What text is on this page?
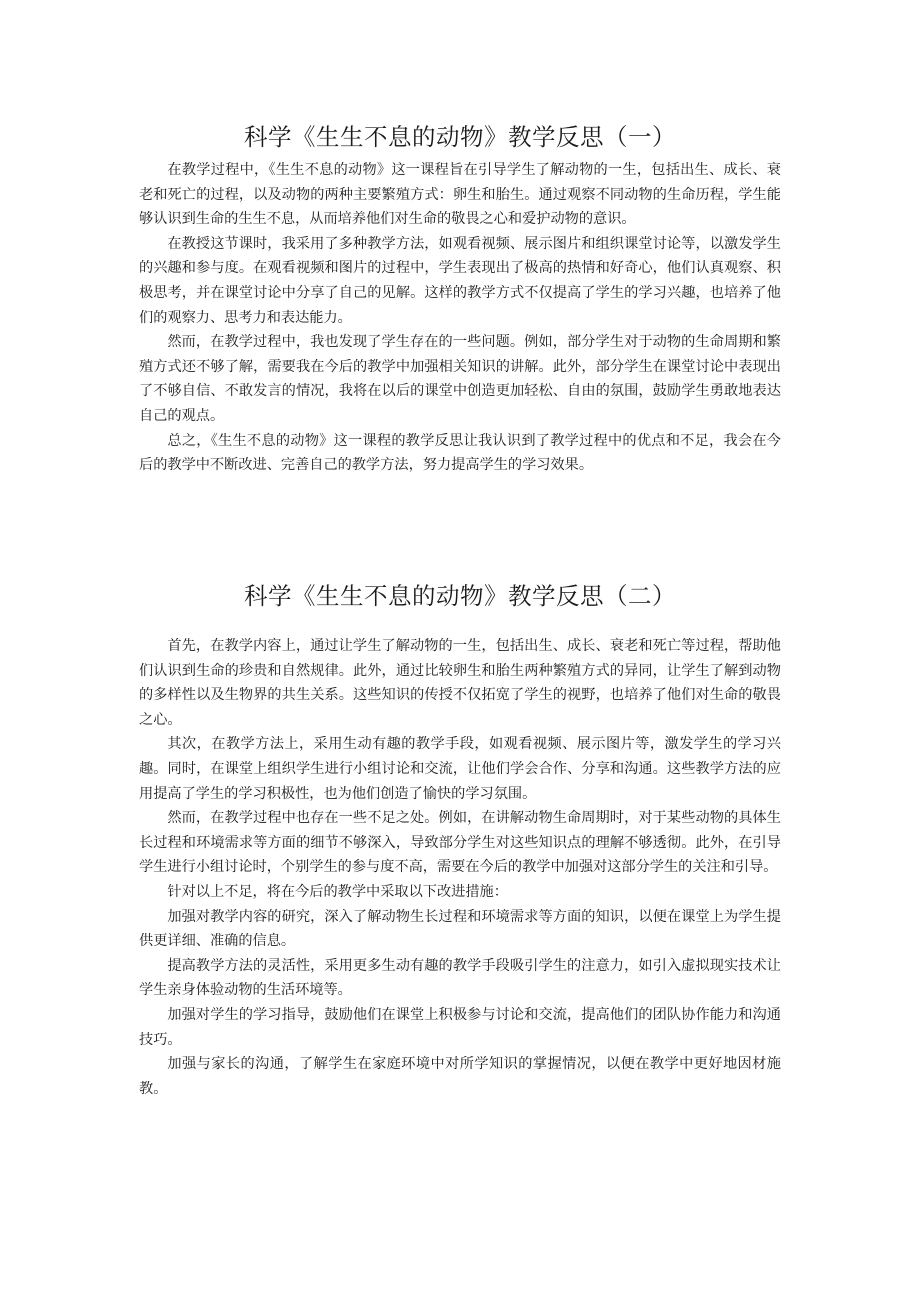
科学《生生不息的动物》教学反思（一）

在教学过程中，《生生不息的动物》这一课程旨在引导学生了解动物的一生，包括出生、成长、衰老和死亡的过程，以及动物的两种主要繁殖方式：卵生和胎生。通过观察不同动物的生命历程，学生能够认识到生命的生生不息，从而培养他们对生命的敬畏之心和爱护动物的意识。

在教授这节课时，我采用了多种教学方法，如观看视频、展示图片和组织课堂讨论等，以激发学生的兴趣和参与度。在观看视频和图片的过程中，学生表现出了极高的热情和好奇心，他们认真观察、积极思考，并在课堂讨论中分享了自己的见解。这样的教学方式不仅提高了学生的学习兴趣，也培养了他们的观察力、思考力和表达能力。

然而，在教学过程中，我也发现了学生存在的一些问题。例如，部分学生对于动物的生命周期和繁殖方式还不够了解，需要我在今后的教学中加强相关知识的讲解。此外，部分学生在课堂讨论中表现出了不够自信、不敢发言的情况，我将在以后的课堂中创造更加轻松、自由的氛围，鼓励学生勇敢地表达自己的观点。

总之，《生生不息的动物》这一课程的教学反思让我认识到了教学过程中的优点和不足，我会在今后的教学中不断改进、完善自己的教学方法，努力提高学生的学习效果。

科学《生生不息的动物》教学反思（二）

首先，在教学内容上，通过让学生了解动物的一生，包括出生、成长、衰老和死亡等过程，帮助他们认识到生命的珍贵和自然规律。此外，通过比较卵生和胎生两种繁殖方式的异同，让学生了解到动物的多样性以及生物界的共生关系。这些知识的传授不仅拓宽了学生的视野，也培养了他们对生命的敬畏之心。

其次，在教学方法上，采用生动有趣的教学手段，如观看视频、展示图片等，激发学生的学习兴趣。同时，在课堂上组织学生进行小组讨论和交流，让他们学会合作、分享和沟通。这些教学方法的应用提高了学生的学习积极性，也为他们创造了愉快的学习氛围。

然而，在教学过程中也存在一些不足之处。例如，在讲解动物生命周期时，对于某些动物的具体生长过程和环境需求等方面的细节不够深入，导致部分学生对这些知识点的理解不够透彻。此外，在引导学生进行小组讨论时，个别学生的参与度不高，需要在今后的教学中加强对这部分学生的关注和引导。

针对以上不足，将在今后的教学中采取以下改进措施：

加强对教学内容的研究，深入了解动物生长过程和环境需求等方面的知识，以便在课堂上为学生提供更详细、准确的信息。

提高教学方法的灵活性，采用更多生动有趣的教学手段吸引学生的注意力，如引入虚拟现实技术让学生亲身体验动物的生活环境等。

加强对学生的学习指导，鼓励他们在课堂上积极参与讨论和交流，提高他们的团队协作能力和沟通技巧。

加强与家长的沟通，了解学生在家庭环境中对所学知识的掌握情况，以便在教学中更好地因材施教。
